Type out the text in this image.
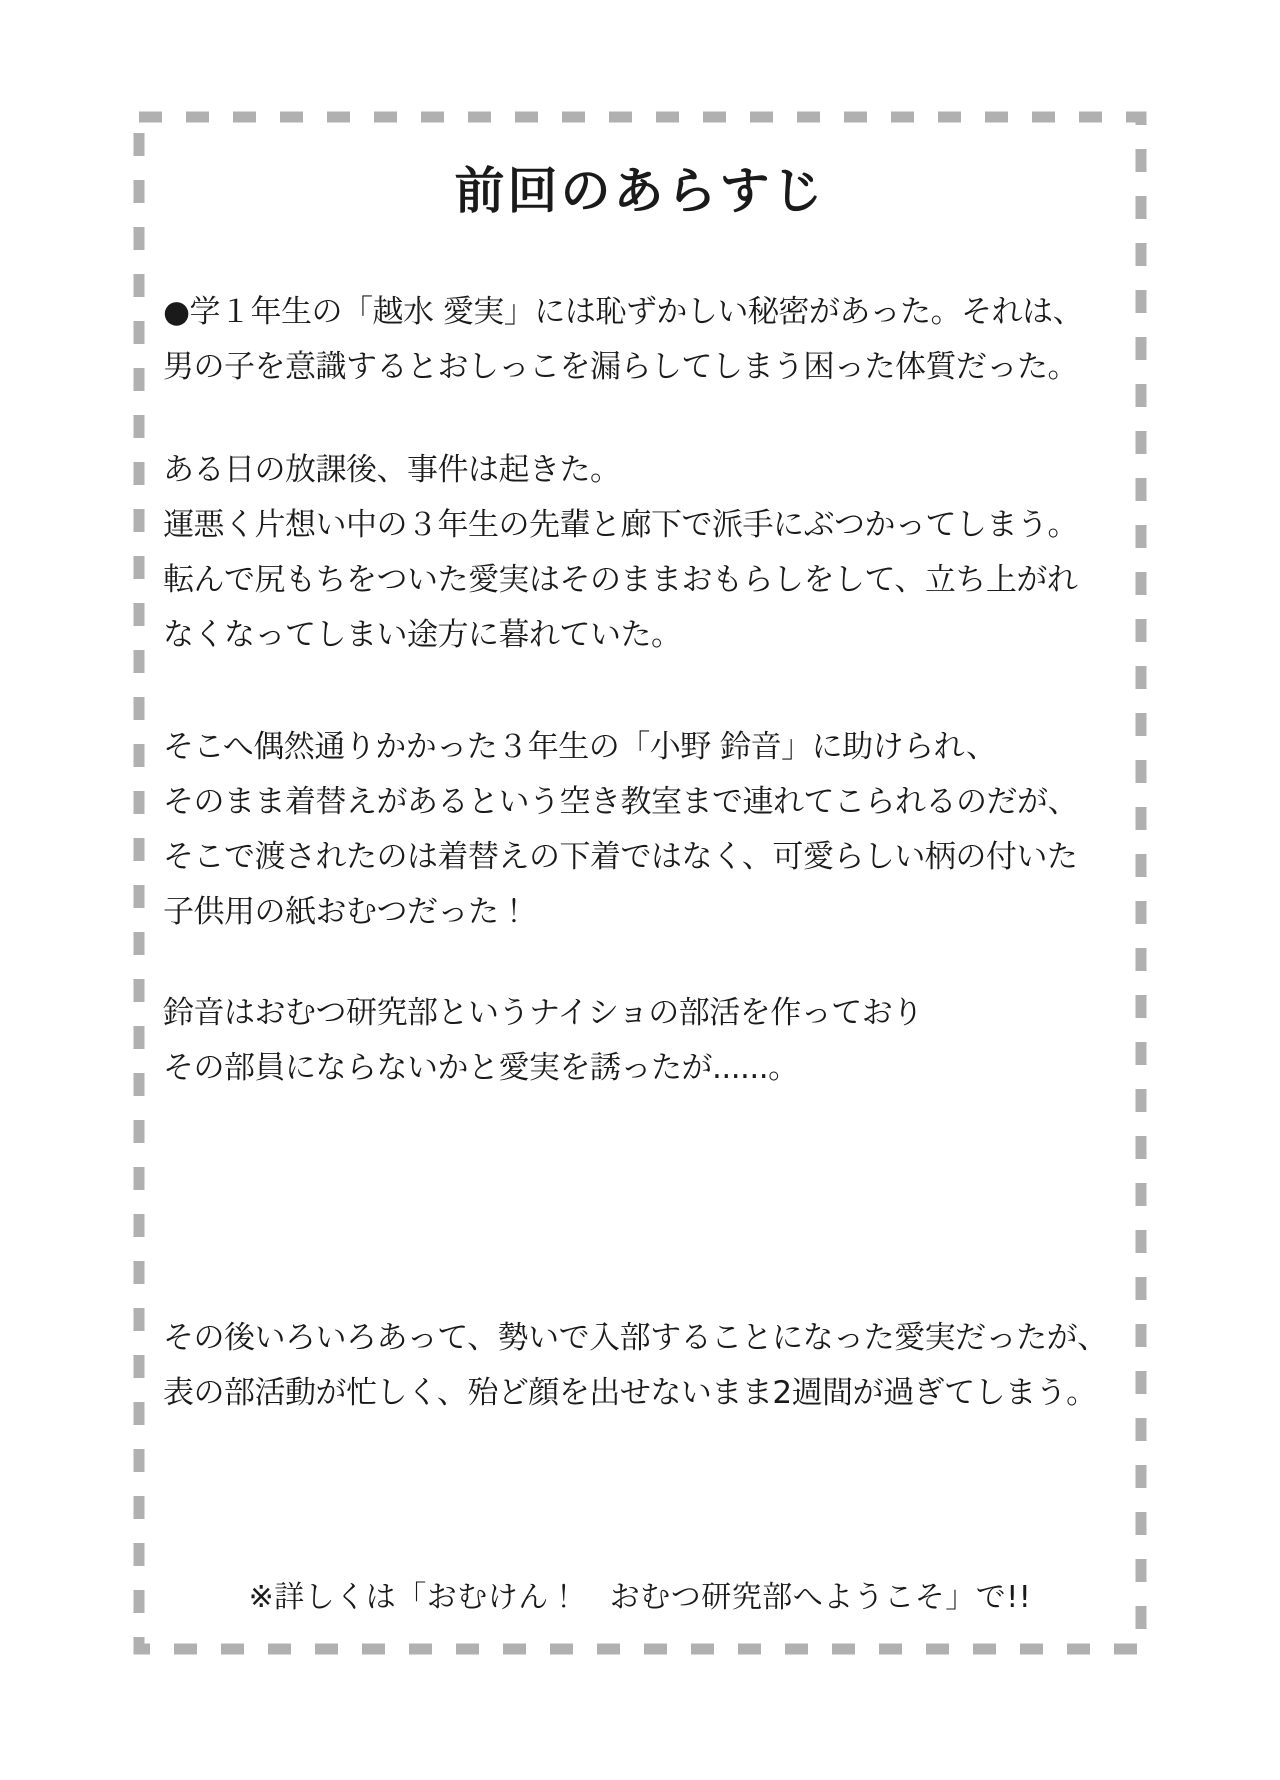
前回のあらすじ
●学１年生の「越水 愛実」には恥ずかしい秘密があった。それは、
男の子を意識するとおしっこを漏らしてしまう困った体質だった。
ある日の放課後、事件は起きた。
運悪く片想い中の３年生の先輩と廊下で派手にぶつかってしまう。
転んで尻もちをついた愛実はそのままおもらしをして、立ち上がれ
なくなってしまい途方に暮れていた。
そこへ偶然通りかかった３年生の「小野 鈴音」に助けられ、
そのまま着替えがあるという空き教室まで連れてこられるのだが、
そこで渡されたのは着替えの下着ではなく、可愛らしい柄の付いた
子供用の紙おむつだった！
鈴音はおむつ研究部というナイショの部活を作っており
その部員にならないかと愛実を誘ったが......。
その後いろいろあって、勢いで入部することになった愛実だったが、
表の部活動が忙しく、殆ど顔を出せないまま2週間が過ぎてしまう。
※詳しくは「おむけん！　おむつ研究部へようこそ」で!!
